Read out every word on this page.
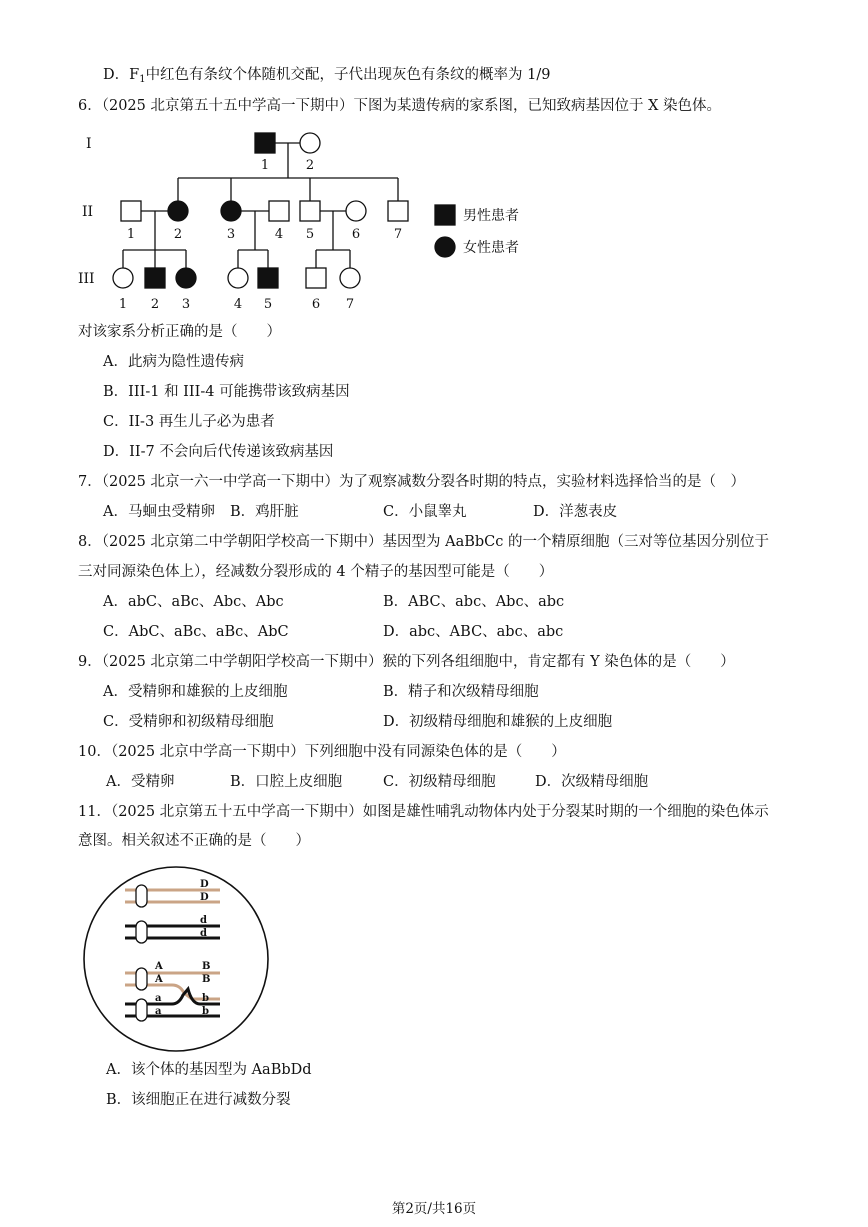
D．$F_1$中红色有条纹个体随机交配，子代出现灰色有条纹的概率为 1/9
6．（2025 北京第五十五中学高一下期中）下图为某遗传病的家系图，已知致病基因位于 X 染色体。
I
II
III
1	2
1	2	3	4 5	6	7
1 2 3	4 5	6 7
男性患者
女性患者
对该家系分析正确的是（　　）
A．此病为隐性遗传病
B．III-1 和 III-4 可能携带该致病基因
C．II-3 再生儿子必为患者
D．II-7 不会向后代传递该致病基因
7．（2025 北京一六一中学高一下期中）为了观察减数分裂各时期的特点，实验材料选择恰当的是（　）
A．马蛔虫受精卵 B．鸡肝脏	C．小鼠睾丸	D．洋葱表皮
8．（2025 北京第二中学朝阳学校高一下期中）基因型为 AaBbCc 的一个精原细胞（三对等位基因分别位于
三对同源染色体上），经减数分裂形成的 4 个精子的基因型可能是（　　）
A．abC、aBc、Abc、Abc	B．ABC、abc、Abc、abc
C．AbC、aBc、aBc、AbC	D．abc、ABC、abc、abc
9．（2025 北京第二中学朝阳学校高一下期中）猴的下列各组细胞中，肯定都有 Y 染色体的是（　　）
A．受精卵和雄猴的上皮细胞	B．精子和次级精母细胞
C．受精卵和初级精母细胞	D．初级精母细胞和雄猴的上皮细胞
10．（2025 北京中学高一下期中）下列细胞中没有同源染色体的是（　　）
A．受精卵	B．口腔上皮细胞	C．初级精母细胞	D．次级精母细胞
11．（2025 北京第五十五中学高一下期中）如图是雄性哺乳动物体内处于分裂某时期的一个细胞的染色体示
意图。相关叙述不正确的是（　　）
D
D
d
d
A
A
a
a
B
B
b
b
A．该个体的基因型为 AaBbDd
B．该细胞正在进行减数分裂
第2页/共16页
